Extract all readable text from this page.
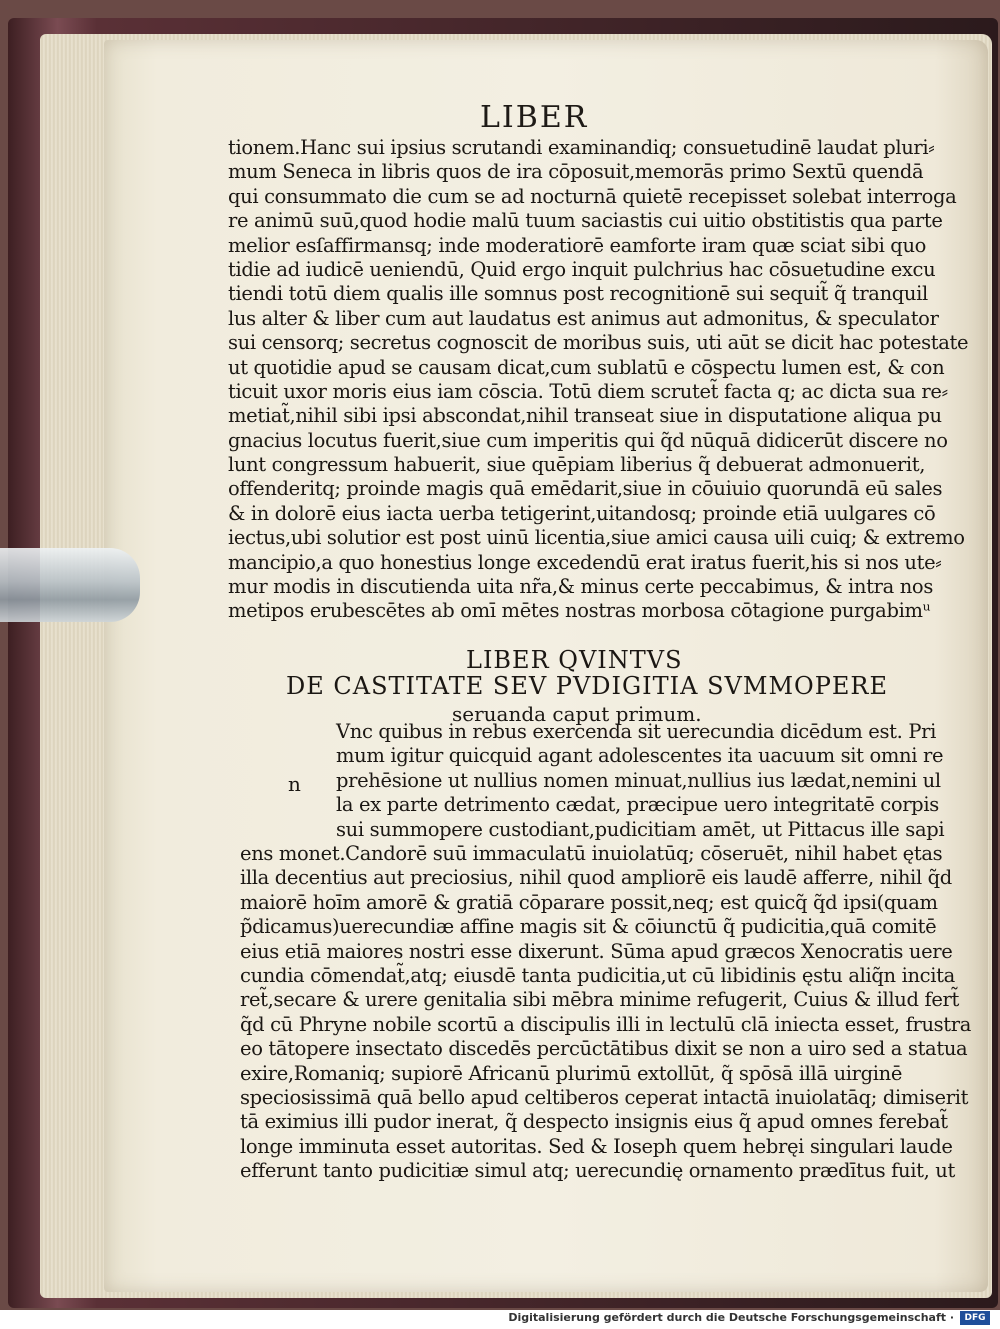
LIBER
tionem.Hanc sui ipsius scrutandi examinandiq; consuetudinē laudat pluri⸗
mum Seneca in libris quos de ira cōposuit,memorās primo Sextū quendā
qui consummato die cum se ad nocturnā quietē recepisset solebat interroga
re animū suū,quod hodie malū tuum saciastis cui uitio obstitistis qua parte
melior esſaffirmansq; inde moderatiorē eamforte iram quæ sciat sibi quo
tidie ad iudicē ueniendū, Quid ergo inquit pulchrius hac cōsuetudine excu
tiendi totū diem qualis ille somnus post recognitionē sui sequit̃ q̃ tranquil
lus alter & liber cum aut laudatus est animus aut admonitus, & speculator
sui censorq; secretus cognoscit de moribus suis, uti aūt se dicit hac potestate
ut quotidie apud se causam dicat,cum sublatū e cōspectu lumen est, & con
ticuit uxor moris eius iam cōscia. Totū diem scrutet̃ facta q; ac dicta sua re⸗
metiat̃,nihil sibi ipsi abscondat,nihil transeat siue in disputatione aliqua pu
gnacius locutus fuerit,siue cum imperitis qui q̃d nūquā didicerūt discere no
lunt congressum habuerit, siue quēpiam liberius q̃ debuerat admonuerit,
offenderitq; proinde magis quā emēdarit,siue in cōuiuio quorundā eū sales
& in dolorē eius iacta uerba tetigerint,uitandosq; proinde etiā uulgares cō
iectus,ubi solutior est post uinū licentia,siue amici causa uili cuiq; & extremo
mancipio,a quo honestius longe excedendū erat iratus fuerit,his si nos ute⸗
mur modis in discutienda uita nr̃a,& minus certe peccabimus, & intra nos
metipos erubescētes ab omī mētes nostras morbosa cōtagione purgabimᵘ
LIBER QVINTVS
DE CASTITATE SEV PVDIGITIA SVMMOPERE
seruanda caput primum.
Vnc quibus in rebus exercenda sit uerecundia dicēdum est. Pri
mum igitur quicquid agant adolescentes ita uacuum sit omni re
prehēsione ut nullius nomen minuat,nullius ius lædat,nemini ul
la ex parte detrimento cædat, præcipue uero integritatē corpis
sui summopere custodiant,pudicitiam amēt, ut Pittacus ille sapi
n
ens monet.Candorē suū immaculatū inuiolatūq; cōseruēt, nihil habet ętas
illa decentius aut preciosius, nihil quod ampliorē eis laudē afferre, nihil q̃d
maiorē hoīm amorē & gratiā cōparare possit,neq; est quicq̃ q̃d ipsi(quam
p̃dicamus)uerecundiæ affine magis sit & cōiunctū q̃ pudicitia,quā comitē
eius etiā maiores nostri esse dixerunt. Sūma apud græcos Xenocratis uere
cundia cōmendat̃,atq; eiusdē tanta pudicitia,ut cū libidinis ęstu aliq̃n incita
ret̃,secare & urere genitalia sibi mēbra minime refugerit, Cuius & illud fert̃
q̃d cū Phryne nobile scortū a discipulis illi in lectulū clā iniecta esset, frustra
eo tātopere insectato discedēs percūctātibus dixit se non a uiro sed a statua
exire,Romaniq; supiorē Africanū plurimū extollūt, q̃ spōsā illā uirginē
speciosissimā quā bello apud celtiberos ceperat intactā inuiolatāq; dimiserit
tā eximius illi pudor inerat, q̃ despecto insignis eius q̃ apud omnes ferebat̃
longe imminuta esset autoritas. Sed & Ioseph quem hebręi singulari laude
efferunt tanto pudicitiæ simul atq; uerecundię ornamento prædītus fuit, ut
Digitalisierung gefördert durch die Deutsche Forschungsgemeinschaft ·	DFG
